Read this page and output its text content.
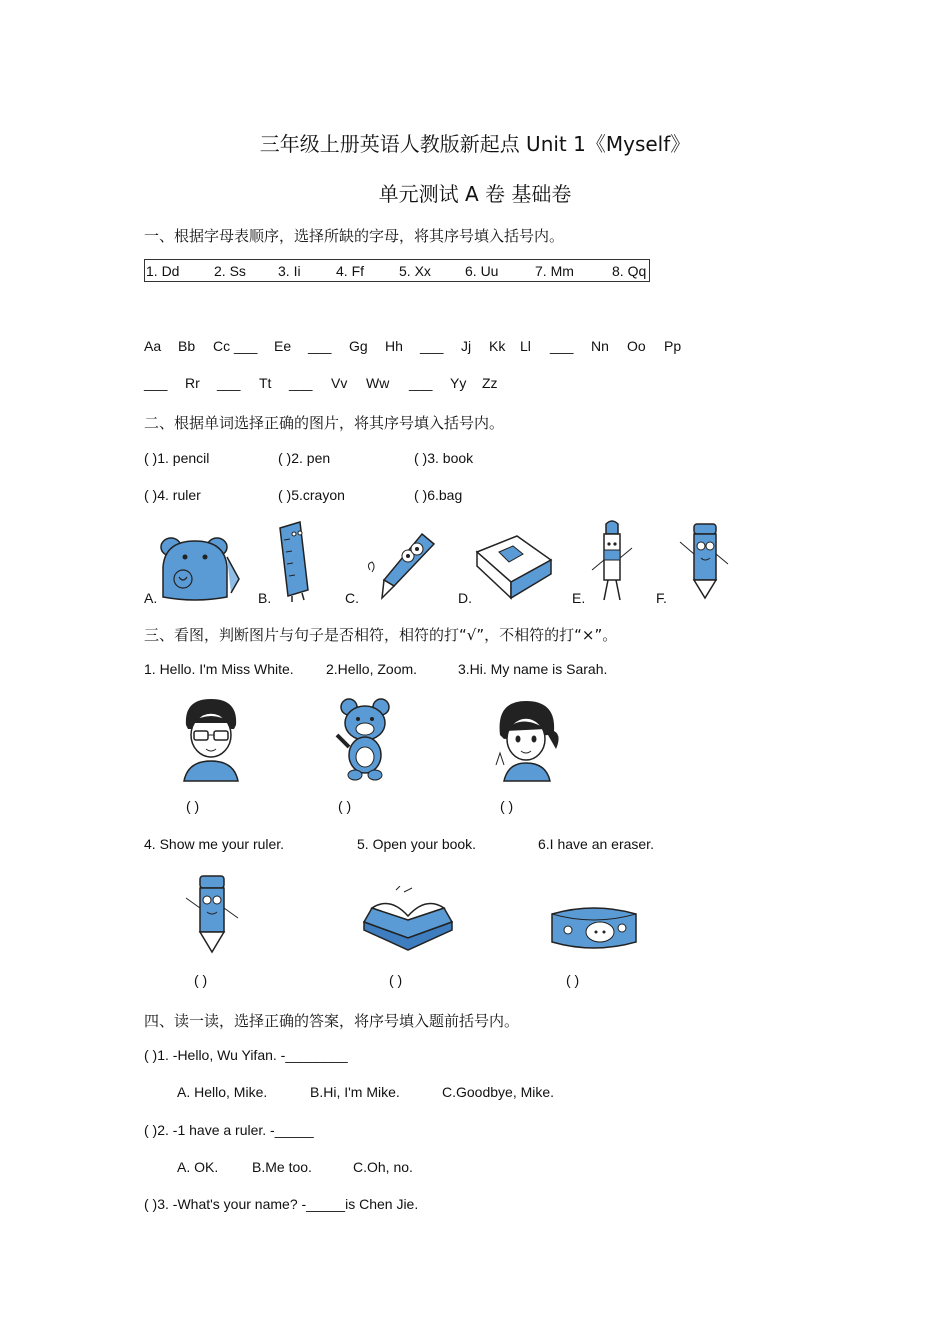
三年级上册英语人教版新起点 Unit 1《Myself》
单元测试 A 卷 基础卷
一、根据字母表顺序，选择所缺的字母，将其序号填入括号内。
1. Dd 2. Ss 3. Ii	4. Ff 5. Xx 6. Uu	7. Mm	8. Qq
Aa Bb Cc ___ Ee ___ Gg Hh ___ Jj Kk Ll ___ Nn Oo Pp
___ Rr ___ Tt ___ Vv Ww ___ Yy Zz
二、根据单词选择正确的图片，将其序号填入括号内。
( )1. pencil	( )2. pen	( )3. book
( )4. ruler	( )5.crayon	( )6.bag
A.	B.	C.	D.	E.	F.
三、看图，判断图片与句子是否相符，相符的打“√”，不相符的打“×”。
1. Hello. I'm Miss White. 2.Hello, Zoom.	3.Hi. My name is Sarah.
( )	( )	( )
4. Show me your ruler.	5. Open your book.	6.I have an eraser.
( )	( )	( )
四、读一读，选择正确的答案，将序号填入题前括号内。
( )1. -Hello, Wu Yifan. -________
A. Hello, Mike.	B.Hi, I'm Mike.	C.Goodbye, Mike.
( )2. -1 have a ruler. -_____
A. OK. B.Me too.	C.Oh, no.
( )3. -What's your name? -_____is Chen Jie.
